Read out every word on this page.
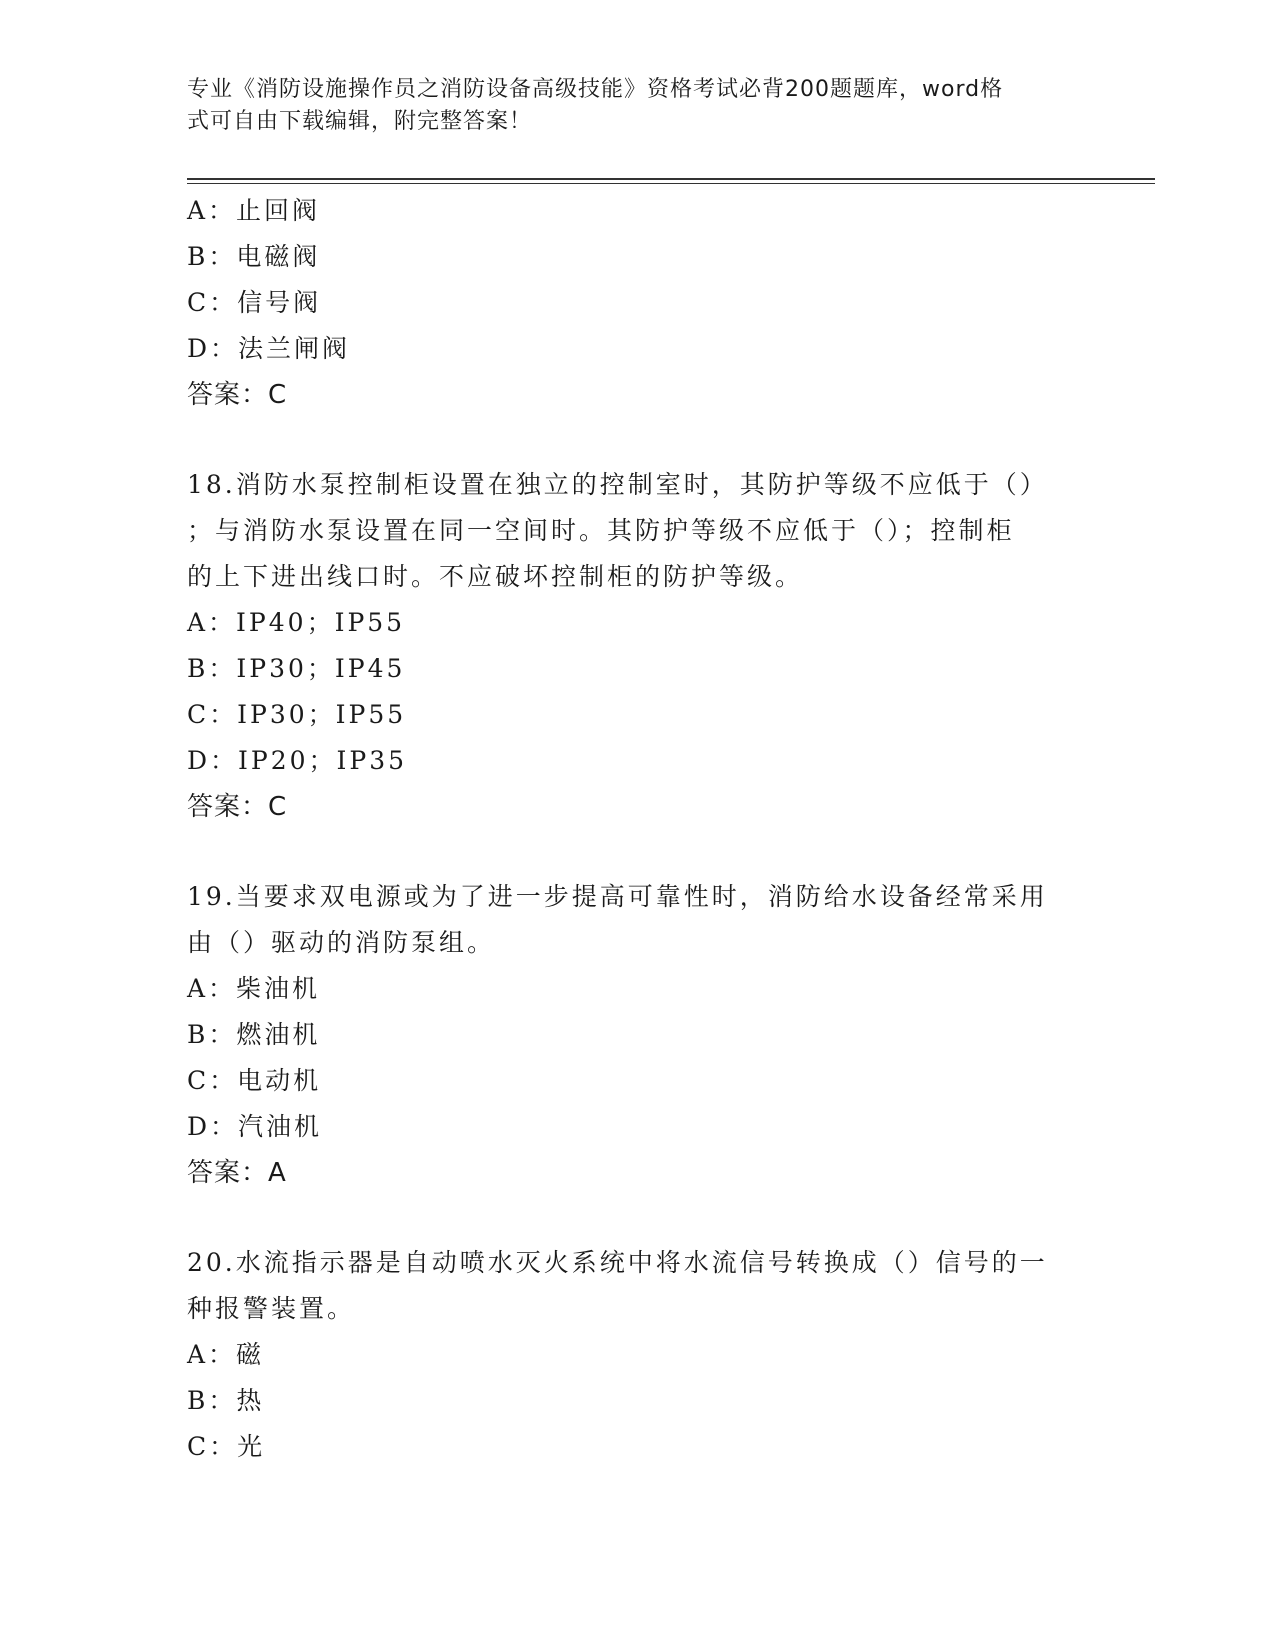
专业《消防设施操作员之消防设备高级技能》资格考试必背200题题库，word格
式可自由下载编辑，附完整答案！
A：止回阀
B：电磁阀
C：信号阀
D：法兰闸阀
答案：C
18.消防水泵控制柜设置在独立的控制室时，其防护等级不应低于（）
；与消防水泵设置在同一空间时。其防护等级不应低于（）；控制柜
的上下进出线口时。不应破坏控制柜的防护等级。
A：IP40；IP55
B：IP30；IP45
C：IP30；IP55
D：IP20；IP35
答案：C
19.当要求双电源或为了进一步提高可靠性时，消防给水设备经常采用
由（）驱动的消防泵组。
A：柴油机
B：燃油机
C：电动机
D：汽油机
答案：A
20.水流指示器是自动喷水灭火系统中将水流信号转换成（）信号的一
种报警装置。
A：磁
B：热
C：光
